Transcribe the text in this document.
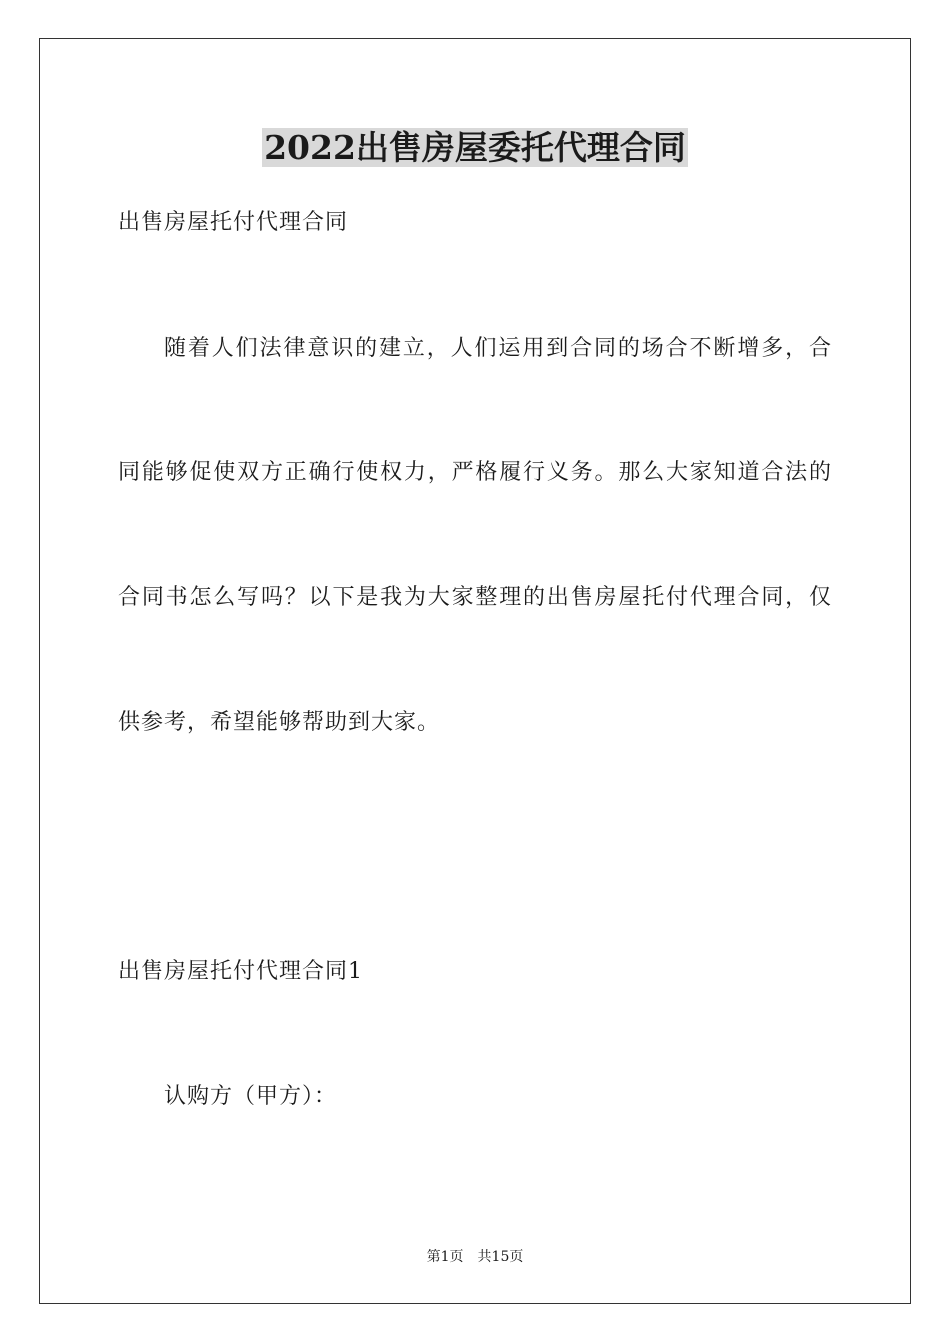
2022出售房屋委托代理合同
出售房屋托付代理合同
随着人们法律意识的建立，人们运用到合同的场合不断增多，合
同能够促使双方正确行使权力，严格履行义务。那么大家知道合法的
合同书怎么写吗？以下是我为大家整理的出售房屋托付代理合同，仅
供参考，希望能够帮助到大家。
出售房屋托付代理合同1
认购方（甲方）：
第1页 共15页
